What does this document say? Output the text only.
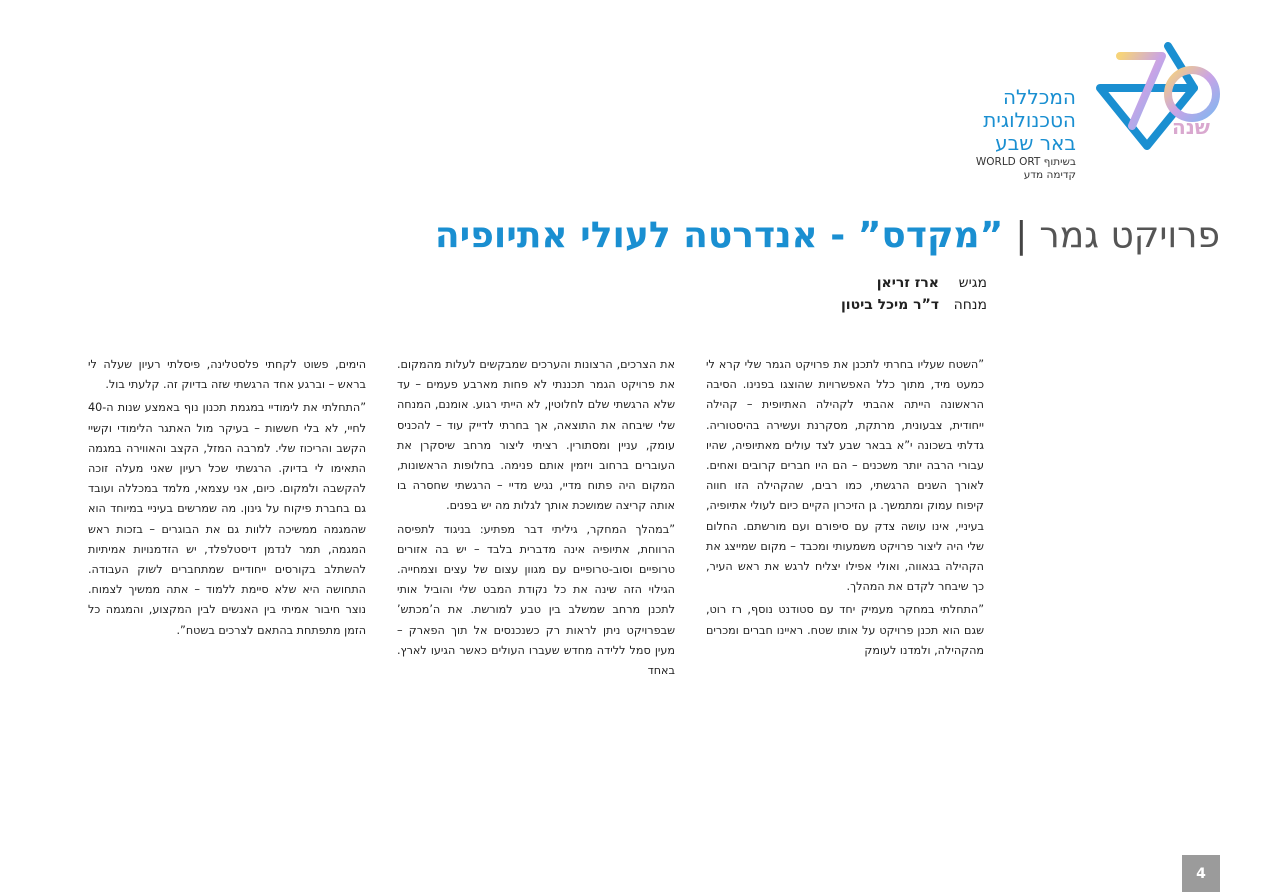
שנה
המכללה
הטכנולוגית
באר שבע
בשיתוף WORLD ORT
קדימה מדע
פרויקט גמר|”מקדס” - אנדרטה לעולי אתיופיה
מגיש
ארז זריאן
מנחה
ד”ר מיכל ביטון

”השטח שעליו בחרתי לתכנן את פרויקט הגמר שלי קרא לי כמעט מיד, מתוך כלל האפשרויות שהוצגו בפנינו. הסיבה הראשונה הייתה אהבתי לקהילה האתיופית – קהילה ייחודית, צבעונית, מרתקת, מסקרנת ועשירה בהיסטוריה. גדלתי בשכונה י”א בבאר שבע לצד עולים מאתיופיה, שהיו עבורי הרבה יותר משכנים – הם היו חברים קרובים ואחים. לאורך השנים הרגשתי, כמו רבים, שהקהילה הזו חווה קיפוח עמוק ומתמשך. גן הזיכרון הקיים כיום לעולי אתיופיה, בעיניי, אינו עושה צדק עם סיפורם ועם מורשתם. החלום שלי היה ליצור פרויקט משמעותי ומכבד – מקום שמייצג את הקהילה בגאווה, ואולי אפילו יצליח לרגש את ראש העיר, כך שיבחר לקדם את המהלך.

”התחלתי במחקר מעמיק יחד עם סטודנט נוסף, רז רוט, שגם הוא תכנן פרויקט על אותו שטח. ראיינו חברים ומכרים מהקהילה, ולמדנו לעומק

את הצרכים, הרצונות והערכים שמבקשים לעלות מהמקום. את פרויקט הגמר תכננתי לא פחות מארבע פעמים – עד שלא הרגשתי שלם לחלוטין, לא הייתי רגוע. אומנם, המנחה שלי שיבחה את התוצאה, אך בחרתי לדייק עוד – להכניס עומק, עניין ומסתורין. רציתי ליצור מרחב שיסקרן את העוברים ברחוב ויזמין אותם פנימה. בחלופות הראשונות, המקום היה פתוח מדיי, נגיש מדיי – הרגשתי שחסרה בו אותה קריצה שמושכת אותך לגלות מה יש בפנים.

”במהלך המחקר, גיליתי דבר מפתיע: בניגוד לתפיסה הרווחת, אתיופיה אינה מדברית בלבד – יש בה אזורים טרופיים וסוב-טרופיים עם מגוון עצום של עצים וצמחייה. הגילוי הזה שינה את כל נקודת המבט שלי והוביל אותי לתכנן מרחב שמשלב בין טבע למורשת. את ה’מכתש’ שבפרויקט ניתן לראות רק כשנכנסים אל תוך הפארק – מעין סמל ללידה מחדש שעברו העולים כאשר הגיעו לארץ. באחד

הימים, פשוט לקחתי פלסטלינה, פיסלתי רעיון שעלה לי בראש – וברגע אחד הרגשתי שזה בדיוק זה. קלעתי בול.

”התחלתי את לימודיי במגמת תכנון נוף באמצע שנות ה-40 לחיי, לא בלי חששות – בעיקר מול האתגר הלימודי וקשיי הקשב והריכוז שלי. למרבה המזל, הקצב והאווירה במגמה התאימו לי בדיוק. הרגשתי שכל רעיון שאני מעלה זוכה להקשבה ולמקום. כיום, אני עצמאי, מלמד במכללה ועובד גם בחברת פיקוח על גינון. מה שמרשים בעיניי במיוחד הוא שהמגמה ממשיכה ללוות גם את הבוגרים – בזכות ראש המגמה, תמר לנדמן דיסטלפלד, יש הזדמנויות אמיתיות להשתלב בקורסים ייחודיים שמתחברים לשוק העבודה. התחושה היא שלא סיימת ללמוד – אתה ממשיך לצמוח. נוצר חיבור אמיתי בין האנשים לבין המקצוע, והמגמה כל הזמן מתפתחת בהתאם לצרכים בשטח”.

4
